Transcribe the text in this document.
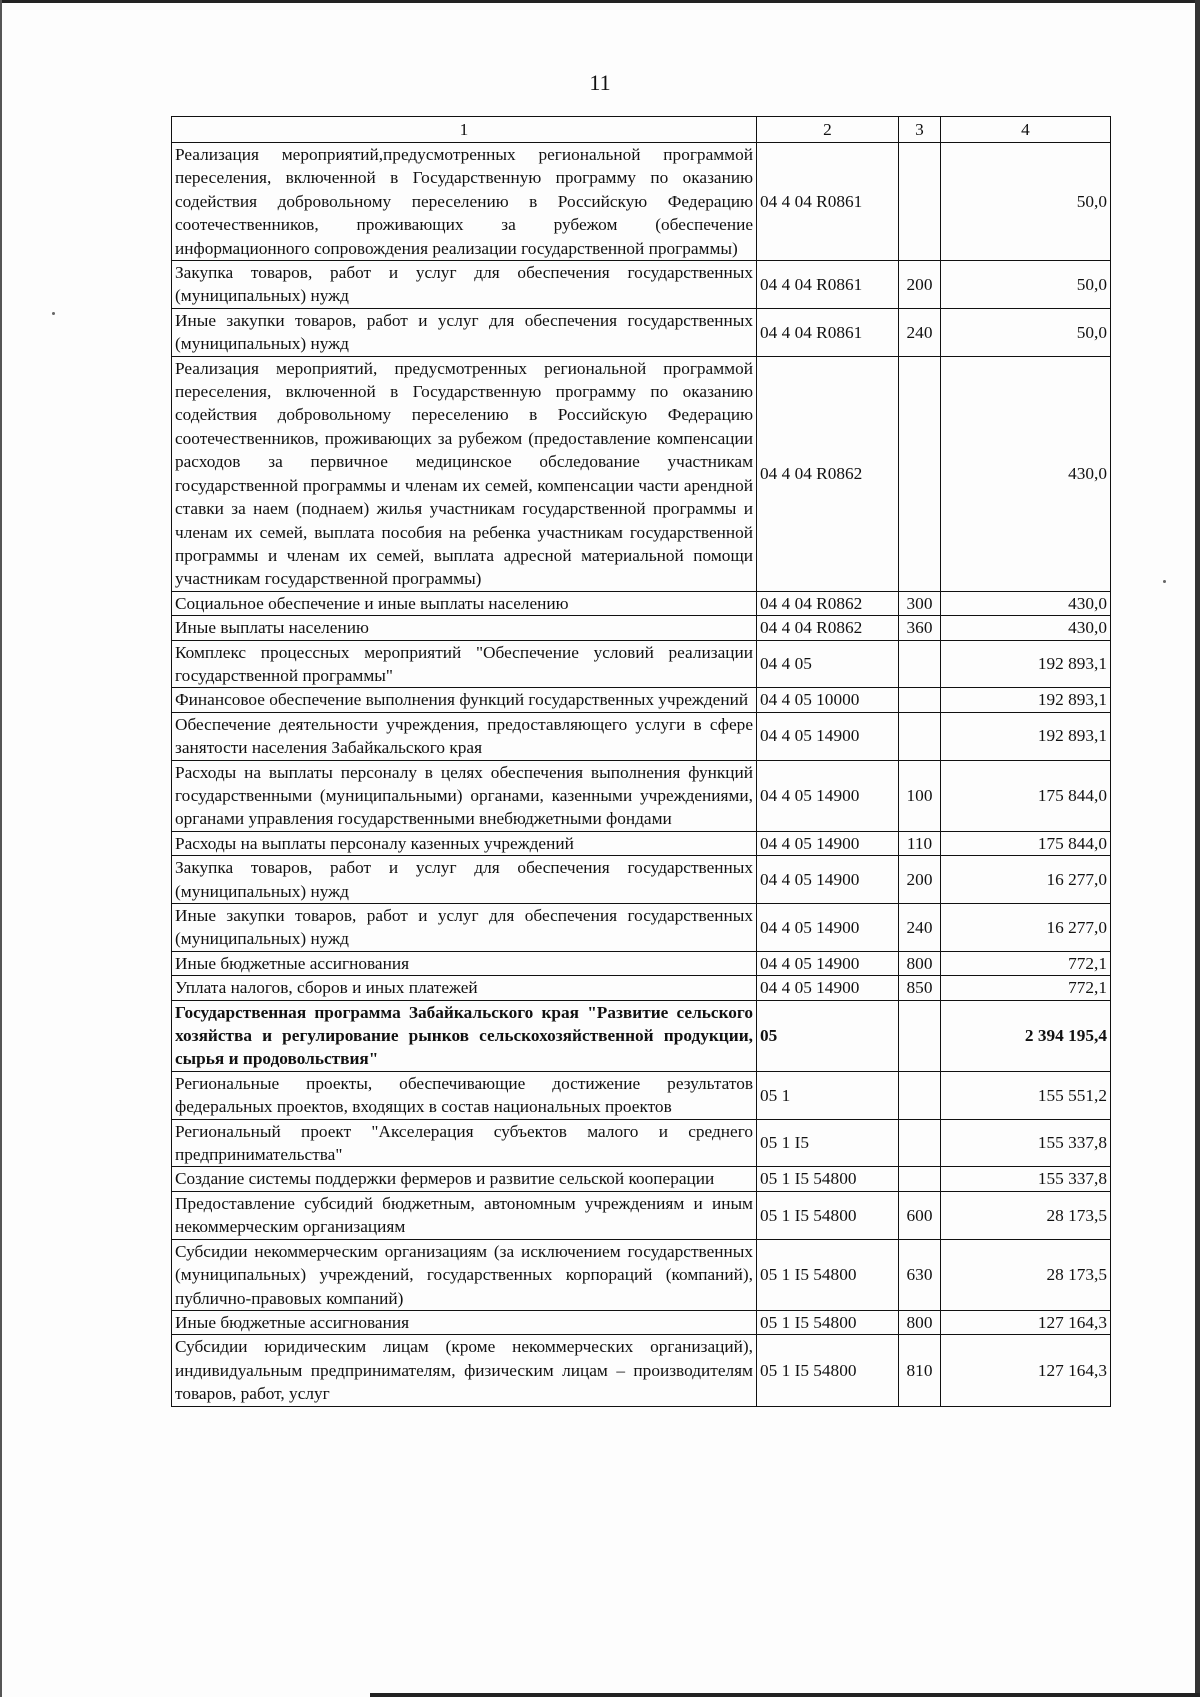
11
1	2	3	4
Реализация мероприятий,предусмотренных региональной программой переселения, включенной в Государственную программу по оказанию содействия добровольному переселению в Российскую Федерацию соотечественников, проживающих за рубежом (обеспечение информационного сопровождения реализации государственной программы)	04 4 04 R0861		50,0
Закупка товаров, работ и услуг для обеспечения государственных (муниципальных) нужд	04 4 04 R0861	200	50,0
Иные закупки товаров, работ и услуг для обеспечения государственных (муниципальных) нужд	04 4 04 R0861	240	50,0
Реализация мероприятий, предусмотренных региональной программой переселения, включенной в Государственную программу по оказанию содействия добровольному переселению в Российскую Федерацию соотечественников, проживающих за рубежом (предоставление компенсации расходов за первичное медицинское обследование участникам государственной программы и членам их семей, компенсации части арендной ставки за наем (поднаем) жилья участникам государственной программы и членам их семей, выплата пособия на ребенка участникам государственной программы и членам их семей, выплата адресной материальной помощи участникам государственной программы)	04 4 04 R0862		430,0
Социальное обеспечение и иные выплаты населению	04 4 04 R0862	300	430,0
Иные выплаты населению	04 4 04 R0862	360	430,0
Комплекс процессных мероприятий "Обеспечение условий реализации государственной программы"	04 4 05		192 893,1
Финансовое обеспечение выполнения функций государственных учреждений	04 4 05 10000		192 893,1
Обеспечение деятельности учреждения, предоставляющего услуги в сфере занятости населения Забайкальского края	04 4 05 14900		192 893,1
Расходы на выплаты персоналу в целях обеспечения выполнения функций государственными (муниципальными) органами, казенными учреждениями, органами управления государственными внебюджетными фондами	04 4 05 14900	100	175 844,0
Расходы на выплаты персоналу казенных учреждений	04 4 05 14900	110	175 844,0
Закупка товаров, работ и услуг для обеспечения государственных (муниципальных) нужд	04 4 05 14900	200	16 277,0
Иные закупки товаров, работ и услуг для обеспечения государственных (муниципальных) нужд	04 4 05 14900	240	16 277,0
Иные бюджетные ассигнования	04 4 05 14900	800	772,1
Уплата налогов, сборов и иных платежей	04 4 05 14900	850	772,1
Государственная программа Забайкальского края "Развитие сельского хозяйства и регулирование рынков сельскохозяйственной продукции, сырья и продовольствия"	05		2 394 195,4
Региональные проекты, обеспечивающие достижение результатов федеральных проектов, входящих в состав национальных проектов	05 1		155 551,2
Региональный проект "Акселерация субъектов малого и среднего предпринимательства"	05 1 I5		155 337,8
Создание системы поддержки фермеров и развитие сельской кооперации	05 1 I5 54800		155 337,8
Предоставление субсидий бюджетным, автономным учреждениям и иным некоммерческим организациям	05 1 I5 54800	600	28 173,5
Субсидии некоммерческим организациям (за исключением государственных (муниципальных) учреждений, государственных корпораций (компаний), публично-правовых компаний)	05 1 I5 54800	630	28 173,5
Иные бюджетные ассигнования	05 1 I5 54800	800	127 164,3
Субсидии юридическим лицам (кроме некоммерческих организаций), индивидуальным предпринимателям, физическим лицам – производителям товаров, работ, услуг	05 1 I5 54800	810	127 164,3
